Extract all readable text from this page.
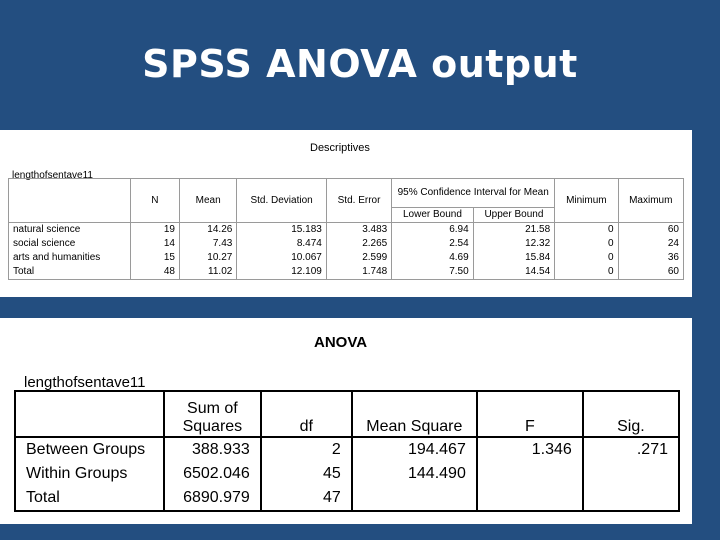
SPSS ANOVA output
Descriptives
lengthofsentave11
	N	Mean	Std. Deviation	Std. Error	95% Confidence Interval for Mean		Minimum	Maximum
					Lower Bound	Upper Bound		
natural science	19	14.26	15.183	3.483	6.94	21.58	0	60
social science	14	7.43	8.474	2.265	2.54	12.32	0	24
arts and humanities	15	10.27	10.067	2.599	4.69	15.84	0	36
Total	48	11.02	12.109	1.748	7.50	14.54	0	60
ANOVA
lengthofsentave11
	Sum of Squares	df	Mean Square	F	Sig.
Between Groups	388.933	2	194.467	1.346	.271
Within Groups	6502.046	45	144.490		
Total	6890.979	47			
